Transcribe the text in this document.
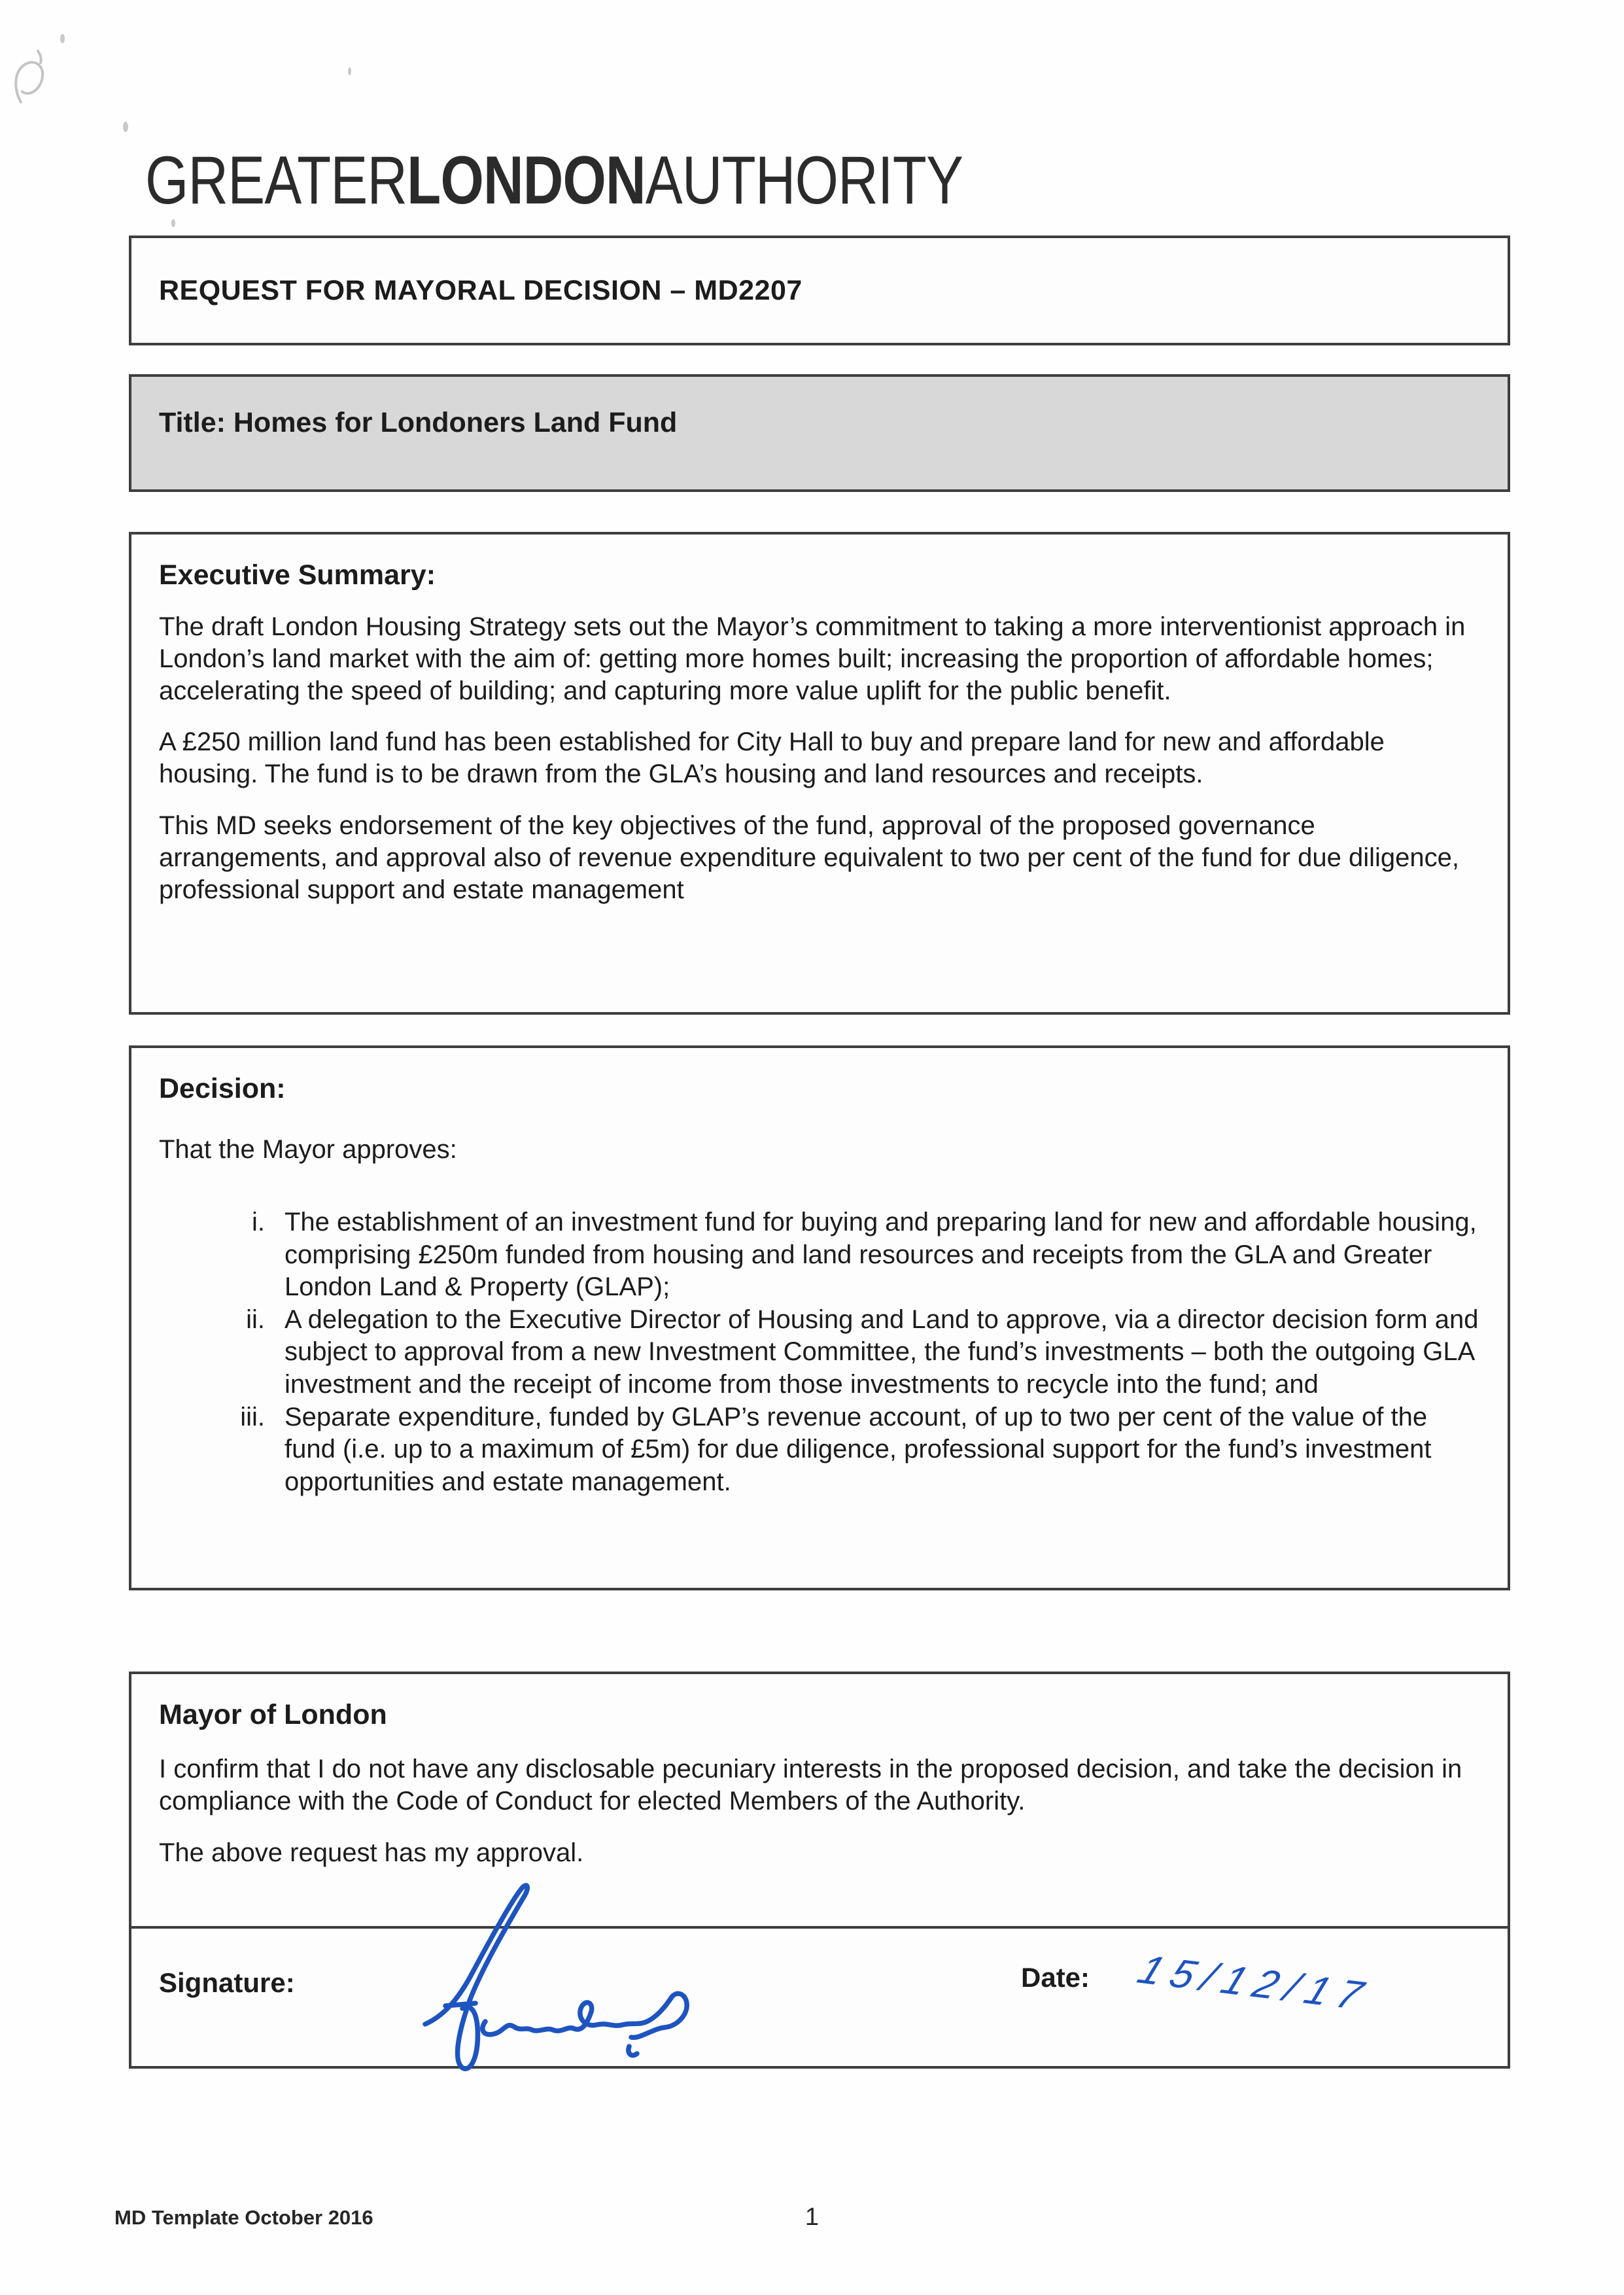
GREATERLONDONAUTHORITY
REQUEST FOR MAYORAL DECISION – MD2207
Title: Homes for Londoners Land Fund
Executive Summary:

The draft London Housing Strategy sets out the Mayor’s commitment to taking a more interventionist approach in London’s land market with the aim of: getting more homes built; increasing the proportion of affordable homes; accelerating the speed of building; and capturing more value uplift for the public benefit.

A £250 million land fund has been established for City Hall to buy and prepare land for new and affordable housing. The fund is to be drawn from the GLA’s housing and land resources and receipts.

This MD seeks endorsement of the key objectives of the fund, approval of the proposed governance arrangements, and approval also of revenue expenditure equivalent to two per cent of the fund for due diligence, professional support and estate management

Decision:

That the Mayor approves:

i. The establishment of an investment fund for buying and preparing land for new and affordable housing, comprising £250m funded from housing and land resources and receipts from the GLA and Greater London Land & Property (GLAP);
ii. A delegation to the Executive Director of Housing and Land to approve, via a director decision form and subject to approval from a new Investment Committee, the fund’s investments – both the outgoing GLA investment and the receipt of income from those investments to recycle into the fund; and
iii. Separate expenditure, funded by GLAP’s revenue account, of up to two per cent of the value of the fund (i.e. up to a maximum of £5m) for due diligence, professional support for the fund’s investment opportunities and estate management.
Mayor of London

I confirm that I do not have any disclosable pecuniary interests in the proposed decision, and take the decision in compliance with the Code of Conduct for elected Members of the Authority.

The above request has my approval.

Signature:	Date: 15/12/17
MD Template October 2016	1
